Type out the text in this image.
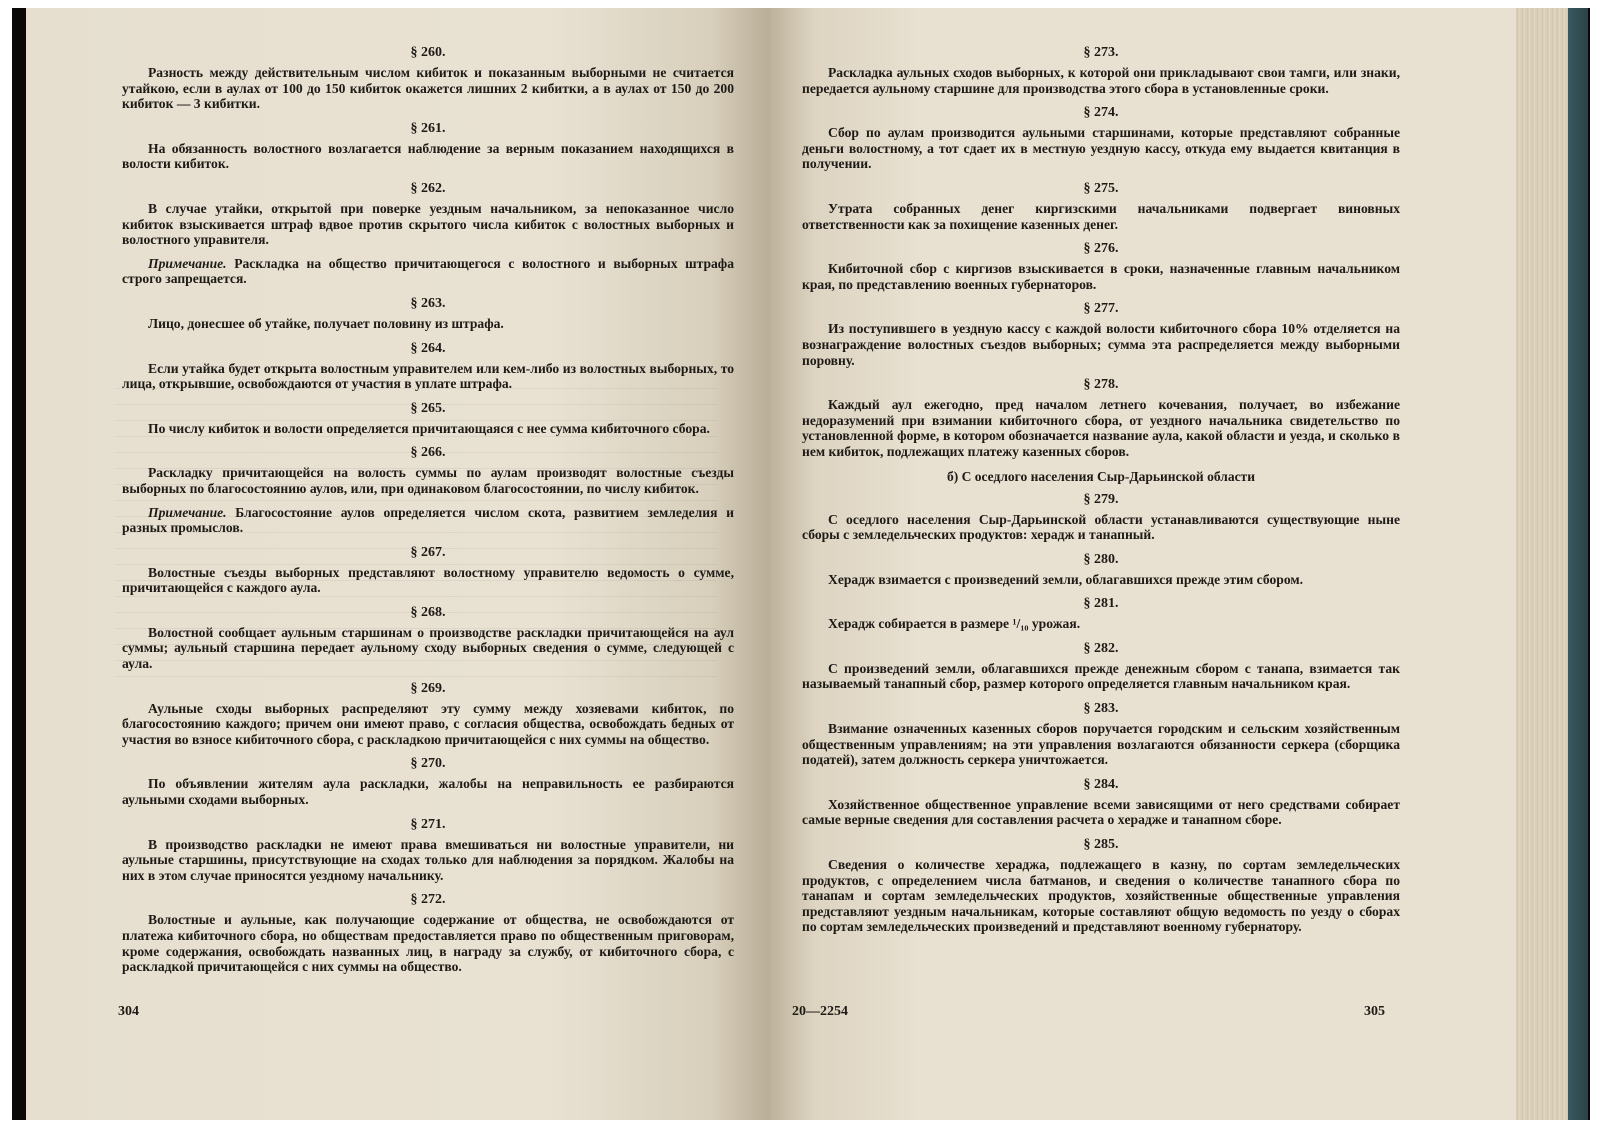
§ 260.

Разность между действительным числом кибиток и показанным выборными не считается утайкою, если в аулах от 100 до 150 кибиток окажется лишних 2 кибитки, а в аулах от 150 до 200 кибиток — 3 кибитки.

§ 261.

На обязанность волостного возлагается наблюдение за верным показанием находящихся в волости кибиток.

§ 262.

В случае утайки, открытой при поверке уездным начальником, за непоказанное число кибиток взыскивается штраф вдвое против скрытого числа кибиток с волостных выборных и волостного управителя.

Примечание. Раскладка на общество причитающегося с волостного и выборных штрафа строго запрещается.

§ 263.

Лицо, донесшее об утайке, получает половину из штрафа.

§ 264.

Если утайка будет открыта волостным управителем или кем-либо из волостных выборных, то лица, открывшие, освобождаются от участия в уплате штрафа.

§ 265.

По числу кибиток и волости определяется причитающаяся с нее сумма кибиточного сбора.

§ 266.

Раскладку причитающейся на волость суммы по аулам производят волостные съезды выборных по благосостоянию аулов, или, при одинаковом благосостоянии, по числу кибиток.

Примечание. Благосостояние аулов определяется числом скота, развитием земледелия и разных промыслов.

§ 267.

Волостные съезды выборных представляют волостному управителю ведомость о сумме, причитающейся с каждого аула.

§ 268.

Волостной сообщает аульным старшинам о производстве раскладки причитающейся на аул суммы; аульный старшина передает аульному сходу выборных сведения о сумме, следующей с аула.

§ 269.

Аульные сходы выборных распределяют эту сумму между хозяевами кибиток, по благосостоянию каждого; причем они имеют право, с согласия общества, освобождать бедных от участия во взносе кибиточного сбора, с раскладкою причитающейся с них суммы на общество.

§ 270.

По объявлении жителям аула раскладки, жалобы на неправильность ее разбираются аульными сходами выборных.

§ 271.

В производство раскладки не имеют права вмешиваться ни волостные управители, ни аульные старшины, присутствующие на сходах только для наблюдения за порядком. Жалобы на них в этом случае приносятся уездному начальнику.

§ 272.

Волостные и аульные, как получающие содержание от общества, не освобождаются от платежа кибиточного сбора, но обществам предоставляется право по общественным приговорам, кроме содержания, освобождать названных лиц, в награду за службу, от кибиточного сбора, с раскладкой причитающейся с них суммы на общество.

304
§ 273.

Раскладка аульных сходов выборных, к которой они прикладывают свои тамги, или знаки, передается аульному старшине для производства этого сбора в установленные сроки.

§ 274.

Сбор по аулам производится аульными старшинами, которые представляют собранные деньги волостному, а тот сдает их в местную уездную кассу, откуда ему выдается квитанция в получении.

§ 275.

Утрата собранных денег киргизскими начальниками подвергает виновных ответственности как за похищение казенных денег.

§ 276.

Кибиточной сбор с киргизов взыскивается в сроки, назначенные главным начальником края, по представлению военных губернаторов.

§ 277.

Из поступившего в уездную кассу с каждой волости кибиточного сбора 10% отделяется на вознаграждение волостных съездов выборных; сумма эта распределяется между выборными поровну.

§ 278.

Каждый аул ежегодно, пред началом летнего кочевания, получает, во избежание недоразумений при взимании кибиточного сбора, от уездного начальника свидетельство по установленной форме, в котором обозначается название аула, какой области и уезда, и сколько в нем кибиток, подлежащих платежу казенных сборов.

б) С оседлого населения Сыр-Дарьинской области
§ 279.

С оседлого населения Сыр-Дарьинской области устанавливаются существующие ныне сборы с земледельческих продуктов: херадж и танапный.

§ 280.

Херадж взимается с произведений земли, облагавшихся прежде этим сбором.

§ 281.

Херадж собирается в размере ¹/₁₀ урожая.

§ 282.

С произведений земли, облагавшихся прежде денежным сбором с танапа, взимается так называемый танапный сбор, размер которого определяется главным начальником края.

§ 283.

Взимание означенных казенных сборов поручается городским и сельским хозяйственным общественным управлениям; на эти управления возлагаются обязанности серкера (сборщика податей), затем должность серкера уничтожается.

§ 284.

Хозяйственное общественное управление всеми зависящими от него средствами собирает самые верные сведения для составления расчета о хeрадже и танапном сборе.

§ 285.

Сведения о количестве хераджа, подлежащего в казну, по сортам земледельческих продуктов, с определением числа батманов, и сведения о количестве танапного сбора по танапам и сортам земледельческих продуктов, хозяйственные общественные управления представляют уездным начальникам, которые составляют общую ведомость по уезду о сборах по сортам земледельческих произведений и представляют военному губернатору.

20—2254	305
